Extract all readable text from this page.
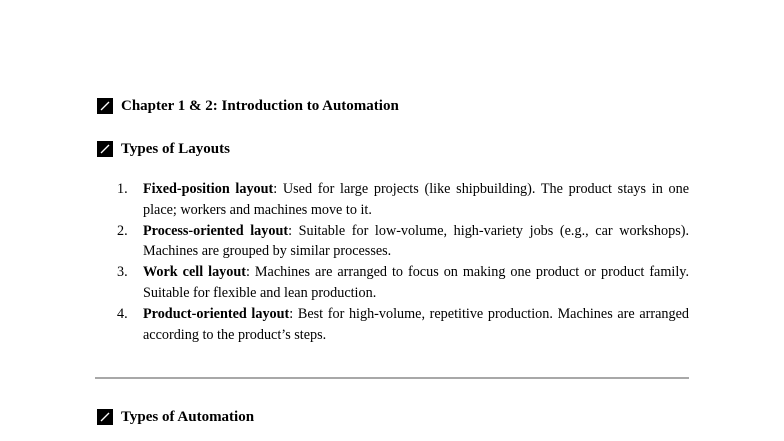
Chapter 1 & 2: Introduction to Automation
Types of Layouts
1.	Fixed-position layout: Used for large projects (like shipbuilding). The product stays in one place; workers and machines move to it.
2.	Process-oriented layout: Suitable for low-volume, high-variety jobs (e.g., car workshops). Machines are grouped by similar processes.
3.	Work cell layout: Machines are arranged to focus on making one product or product family. Suitable for flexible and lean production.
4.	Product-oriented layout: Best for high-volume, repetitive production. Machines are arranged according to the product’s steps.
Types of Automation
